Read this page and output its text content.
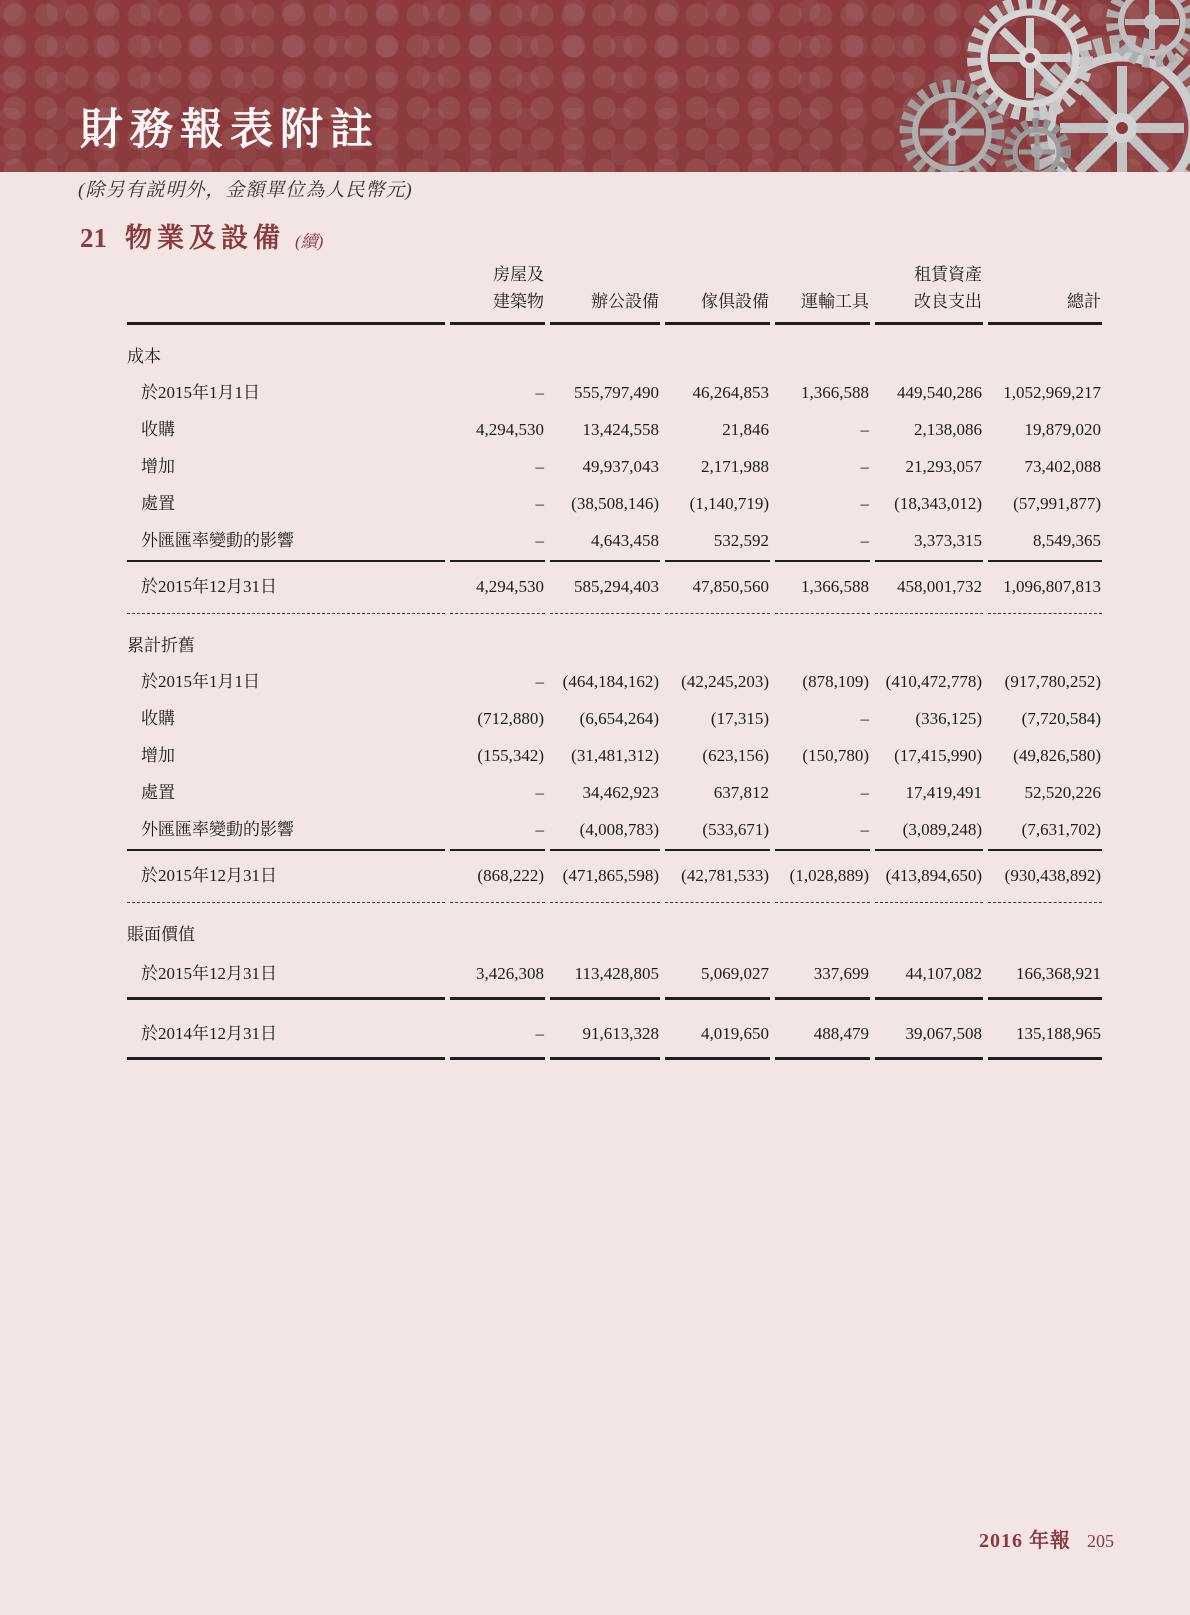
財務報表附註
(除另有説明外，金額單位為人民幣元)
21 物業及設備 (續)
	房屋及				租賃資產	
	建築物	辦公設備	傢俱設備	運輸工具	改良支出	總計
成本						
於2015年1月1日	–	555,797,490	46,264,853	1,366,588	449,540,286	1,052,969,217
收購	4,294,530	13,424,558	21,846	–	2,138,086	19,879,020
增加	–	49,937,043	2,171,988	–	21,293,057	73,402,088
處置	–	(38,508,146)	(1,140,719)	–	(18,343,012)	(57,991,877)
外匯匯率變動的影響	–	4,643,458	532,592	–	3,373,315	8,549,365
於2015年12月31日	4,294,530	585,294,403	47,850,560	1,366,588	458,001,732	1,096,807,813
累計折舊						
於2015年1月1日	–	(464,184,162)	(42,245,203)	(878,109)	(410,472,778)	(917,780,252)
收購	(712,880)	(6,654,264)	(17,315)	–	(336,125)	(7,720,584)
增加	(155,342)	(31,481,312)	(623,156)	(150,780)	(17,415,990)	(49,826,580)
處置	–	34,462,923	637,812	–	17,419,491	52,520,226
外匯匯率變動的影響	–	(4,008,783)	(533,671)	–	(3,089,248)	(7,631,702)
於2015年12月31日	(868,222)	(471,865,598)	(42,781,533)	(1,028,889)	(413,894,650)	(930,438,892)
賬面價值						
於2015年12月31日	3,426,308	113,428,805	5,069,027	337,699	44,107,082	166,368,921
於2014年12月31日	–	91,613,328	4,019,650	488,479	39,067,508	135,188,965
2016 年報 205
